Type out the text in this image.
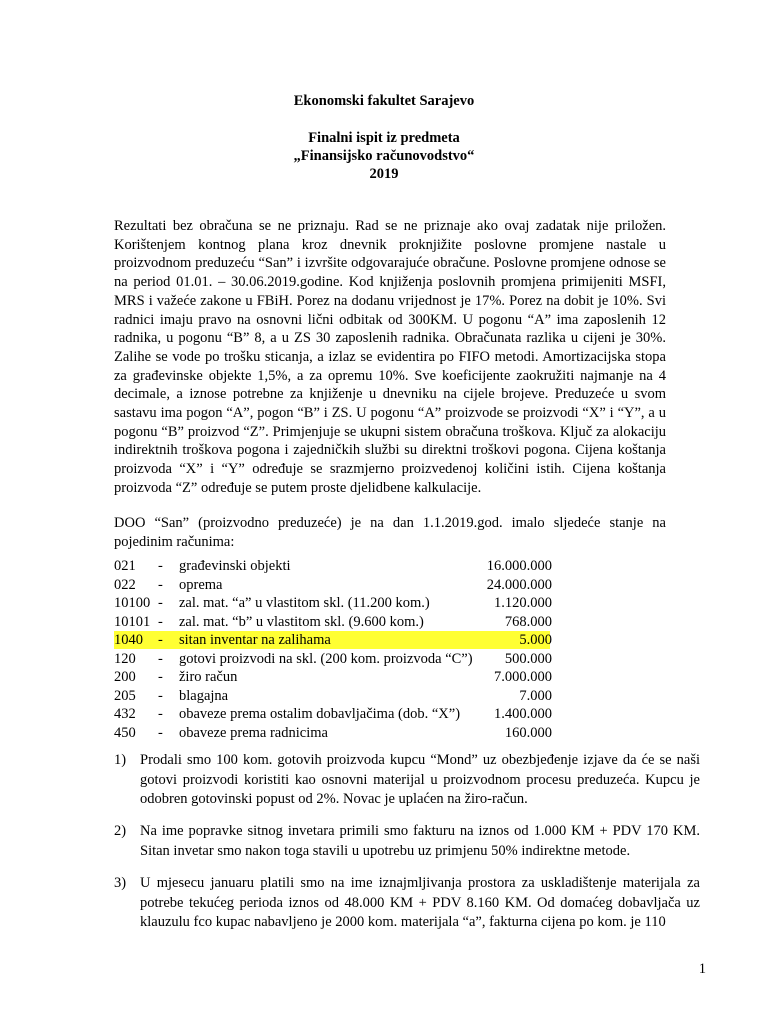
Ekonomski fakultet Sarajevo
Finalni ispit iz predmeta
„Finansijsko računovodstvo“
2019

Rezultati bez obračuna se ne priznaju. Rad se ne priznaje ako ovaj zadatak nije priložen. Korištenjem kontnog plana kroz dnevnik proknjižite poslovne promjene nastale u proizvodnom preduzeću “San” i izvršite odgovarajuće obračune. Poslovne promjene odnose se na period 01.01. – 30.06.2019.godine. Kod knjiženja poslovnih promjena primijeniti MSFI, MRS i važeće zakone u FBiH. Porez na dodanu vrijednost je 17%. Porez na dobit je 10%. Svi radnici imaju pravo na osnovni lični odbitak od 300KM. U pogonu “A” ima zaposlenih 12 radnika, u pogonu “B” 8, a u ZS 30 zaposlenih radnika. Obračunata razlika u cijeni je 30%. Zalihe se vode po trošku sticanja, a izlaz se evidentira po FIFO metodi. Amortizacijska stopa za građevinske objekte 1,5%, a za opremu 10%. Sve koeficijente zaokružiti najmanje na 4 decimale, a iznose potrebne za knjiženje u dnevniku na cijele brojeve. Preduzeće u svom sastavu ima pogon “A”, pogon “B” i ZS. U pogonu “A” proizvode se proizvodi “X” i “Y”, a u pogonu “B” proizvod “Z”. Primjenjuje se ukupni sistem obračuna troškova. Ključ za alokaciju indirektnih troškova pogona i zajedničkih službi su direktni troškovi pogona. Cijena koštanja proizvoda “X” i “Y” određuje se srazmjerno proizvedenoj količini istih. Cijena koštanja proizvoda “Z” određuje se putem proste djelidbene kalkulacije.

DOO “San” (proizvodno preduzeće) je na dan 1.1.2019.god. imalo sljedeće stanje na pojedinim računima:

021 - građevinski objekti	16.000.000
022 - oprema	24.000.000
10100 - zal. mat. “a” u vlastitom skl. (11.200 kom.)	1.120.000
10101 - zal. mat. “b” u vlastitom skl. (9.600 kom.)	768.000
1040 - sitan inventar na zalihama	5.000
120 - gotovi proizvodi na skl. (200 kom. proizvoda “C”) 500.000
200 - žiro račun	7.000.000
205 - blagajna	7.000
432 - obaveze prema ostalim dobavljačima (dob. “X”) 1.400.000
450 - obaveze prema radnicima	160.000
1) Prodali smo 100 kom. gotovih proizvoda kupcu “Mond” uz obezbjeđenje izjave da će se naši gotovi proizvodi koristiti kao osnovni materijal u proizvodnom procesu preduzeća. Kupcu je odobren gotovinski popust od 2%. Novac je uplaćen na žiro-račun.
2) Na ime popravke sitnog invetara primili smo fakturu na iznos od 1.000 KM + PDV 170 KM. Sitan invetar smo nakon toga stavili u upotrebu uz primjenu 50% indirektne metode.
3) U mjesecu januaru platili smo na ime iznajmljivanja prostora za uskladištenje materijala za potrebe tekućeg perioda iznos od 48.000 KM + PDV 8.160 KM. Od domaćeg dobavljača uz klauzulu fco kupac nabavljeno je 2000 kom. materijala “a”, fakturna cijena po kom. je 110
1
